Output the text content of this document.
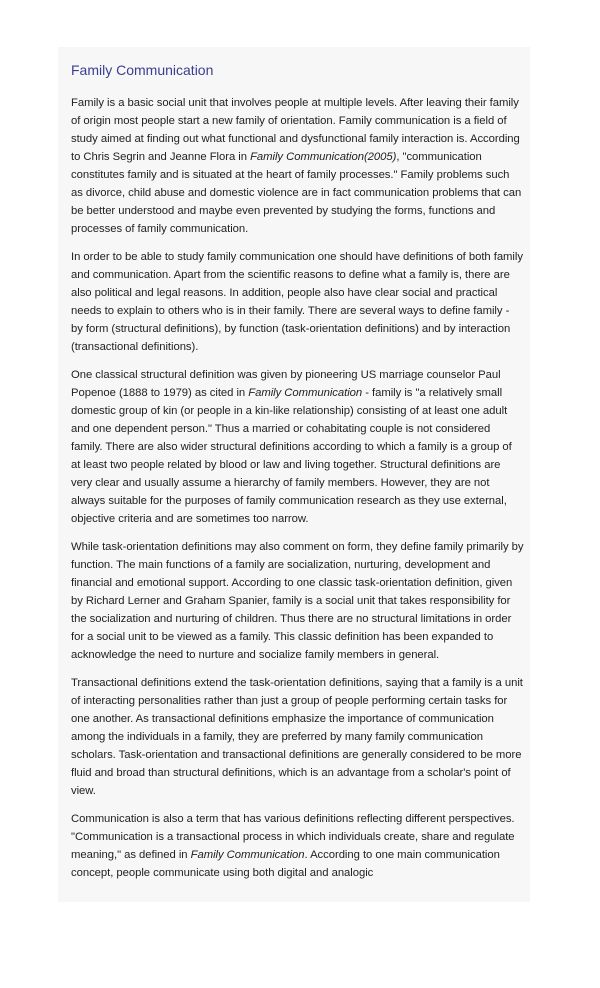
Family Communication

Family is a basic social unit that involves people at multiple levels. After leaving their family of origin most people start a new family of orientation. Family communication is a field of study aimed at finding out what functional and dysfunctional family interaction is. According to Chris Segrin and Jeanne Flora in Family Communication(2005), "communication constitutes family and is situated at the heart of family processes." Family problems such as divorce, child abuse and domestic violence are in fact communication problems that can be better understood and maybe even prevented by studying the forms, functions and processes of family communication.

In order to be able to study family communication one should have definitions of both family and communication. Apart from the scientific reasons to define what a family is, there are also political and legal reasons. In addition, people also have clear social and practical needs to explain to others who is in their family. There are several ways to define family - by form (structural definitions), by function (task-orientation definitions) and by interaction (transactional definitions).

One classical structural definition was given by pioneering US marriage counselor Paul Popenoe (1888 to 1979) as cited in Family Communication - family is "a relatively small domestic group of kin (or people in a kin-like relationship) consisting of at least one adult and one dependent person." Thus a married or cohabitating couple is not considered family. There are also wider structural definitions according to which a family is a group of at least two people related by blood or law and living together. Structural definitions are very clear and usually assume a hierarchy of family members. However, they are not always suitable for the purposes of family communication research as they use external, objective criteria and are sometimes too narrow.

While task-orientation definitions may also comment on form, they define family primarily by function. The main functions of a family are socialization, nurturing, development and financial and emotional support. According to one classic task-orientation definition, given by Richard Lerner and Graham Spanier, family is a social unit that takes responsibility for the socialization and nurturing of children. Thus there are no structural limitations in order for a social unit to be viewed as a family. This classic definition has been expanded to acknowledge the need to nurture and socialize family members in general.

Transactional definitions extend the task-orientation definitions, saying that a family is a unit of interacting personalities rather than just a group of people performing certain tasks for one another. As transactional definitions emphasize the importance of communication among the individuals in a family, they are preferred by many family communication scholars. Task-orientation and transactional definitions are generally considered to be more fluid and broad than structural definitions, which is an advantage from a scholar's point of view.

Communication is also a term that has various definitions reflecting different perspectives. "Communication is a transactional process in which individuals create, share and regulate meaning," as defined in Family Communication. According to one main communication concept, people communicate using both digital and analogic
